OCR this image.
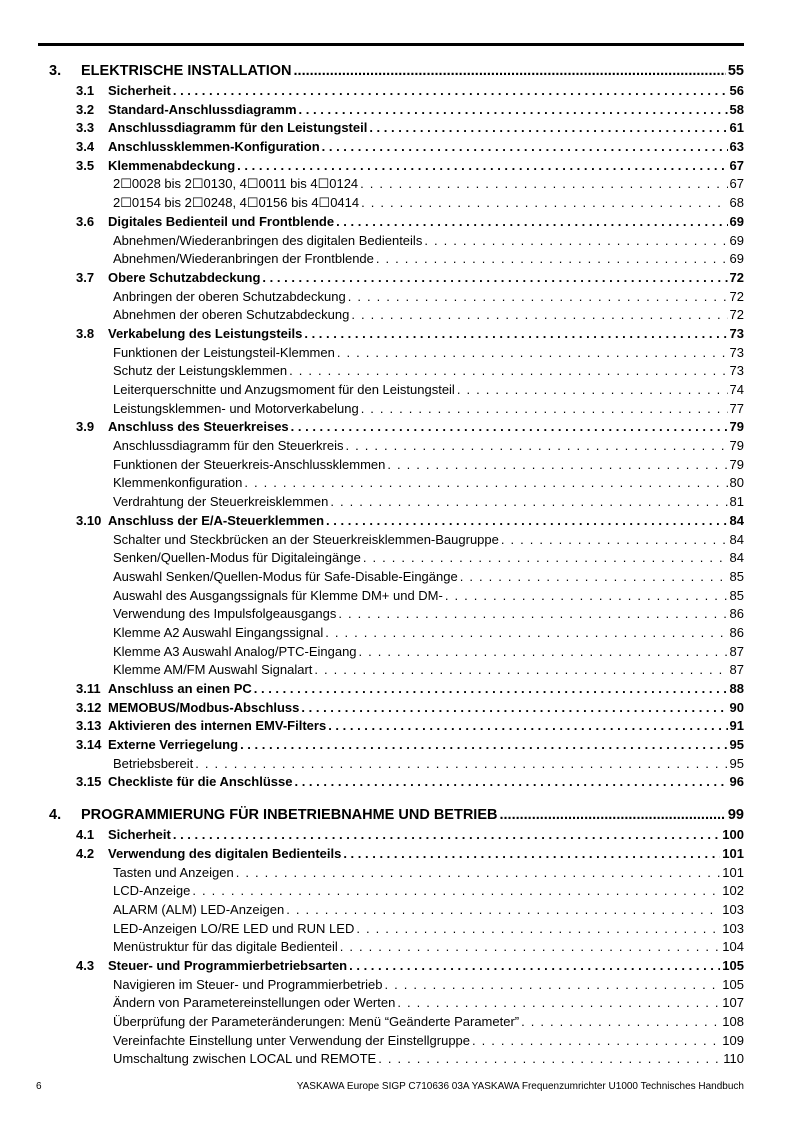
3.	ELEKTRISCHE INSTALLATION .....	55
3.1	Sicherheit . . .	56
3.2	Standard-Anschlussdiagramm . . .	58
3.3	Anschlussdiagramm für den Leistungsteil . . .	61
3.4	Anschlussklemmen-Konfiguration . . .	63
3.5	Klemmenabdeckung . . .	67
2☐0028 bis 2☐0130, 4☐0011 bis 4☐0124 . . .	67
2☐0154 bis 2☐0248, 4☐0156 bis 4☐0414 . . .	68
3.6	Digitales Bedienteil und Frontblende . . .	69
Abnehmen/Wiederanbringen des digitalen Bedienteils . . .	69
Abnehmen/Wiederanbringen der Frontblende . . .	69
3.7	Obere Schutzabdeckung . . .	72
Anbringen der oberen Schutzabdeckung . . .	72
Abnehmen der oberen Schutzabdeckung . . .	72
3.8	Verkabelung des Leistungsteils . . .	73
Funktionen der Leistungsteil-Klemmen . . .	73
Schutz der Leistungsklemmen . . .	73
Leiterquerschnitte und Anzugsmoment für den Leistungsteil . . .	74
Leistungsklemmen- und Motorverkabelung . . .	77
3.9	Anschluss des Steuerkreises . . .	79
Anschlussdiagramm für den Steuerkreis . . .	79
Funktionen der Steuerkreis-Anschlussklemmen . . .	79
Klemmenkonfiguration . . .	80
Verdrahtung der Steuerkreisklemmen . . .	81
3.10 Anschluss der E/A-Steuerklemmen . . .	84
Schalter und Steckbrücken an der Steuerkreisklemmen-Baugruppe . . .	84
Senken/Quellen-Modus für Digitaleingänge . . .	84
Auswahl Senken/Quellen-Modus für Safe-Disable-Eingänge . . .	85
Auswahl des Ausgangssignals für Klemme DM+ und DM- . . .	85
Verwendung des Impulsfolgeausgangs . . .	86
Klemme A2 Auswahl Eingangssignal . . .	86
Klemme A3 Auswahl Analog/PTC-Eingang . . .	87
Klemme AM/FM Auswahl Signalart . . .	87
3.11 Anschluss an einen PC . . .	88
3.12 MEMOBUS/Modbus-Abschluss . . .	90
3.13 Aktivieren des internen EMV-Filters . . .	91
3.14 Externe Verriegelung . . .	95
Betriebsbereit . . .	95
3.15 Checkliste für die Anschlüsse . . .	96
4.	PROGRAMMIERUNG FÜR INBETRIEBNAHME UND BETRIEB .....	99
4.1	Sicherheit . . .	100
4.2	Verwendung des digitalen Bedienteils . . .	101
Tasten und Anzeigen . . .	101
LCD-Anzeige . . .	102
ALARM (ALM) LED-Anzeigen . . .	103
LED-Anzeigen LO/RE LED und RUN LED . . .	103
Menüstruktur für das digitale Bedienteil . . .	104
4.3	Steuer- und Programmierbetriebsarten . . .	105
Navigieren im Steuer- und Programmierbetrieb . . .	105
Ändern von Parametereinstellungen oder Werten . . .	107
Überprüfung der Parameteränderungen: Menü “Geänderte Parameter” . . .	108
Vereinfachte Einstellung unter Verwendung der Einstellgruppe . . .	109
Umschaltung zwischen LOCAL und REMOTE . . .	110
6	YASKAWA Europe SIGP C710636 03A YASKAWA Frequenzumrichter U1000 Technisches Handbuch
